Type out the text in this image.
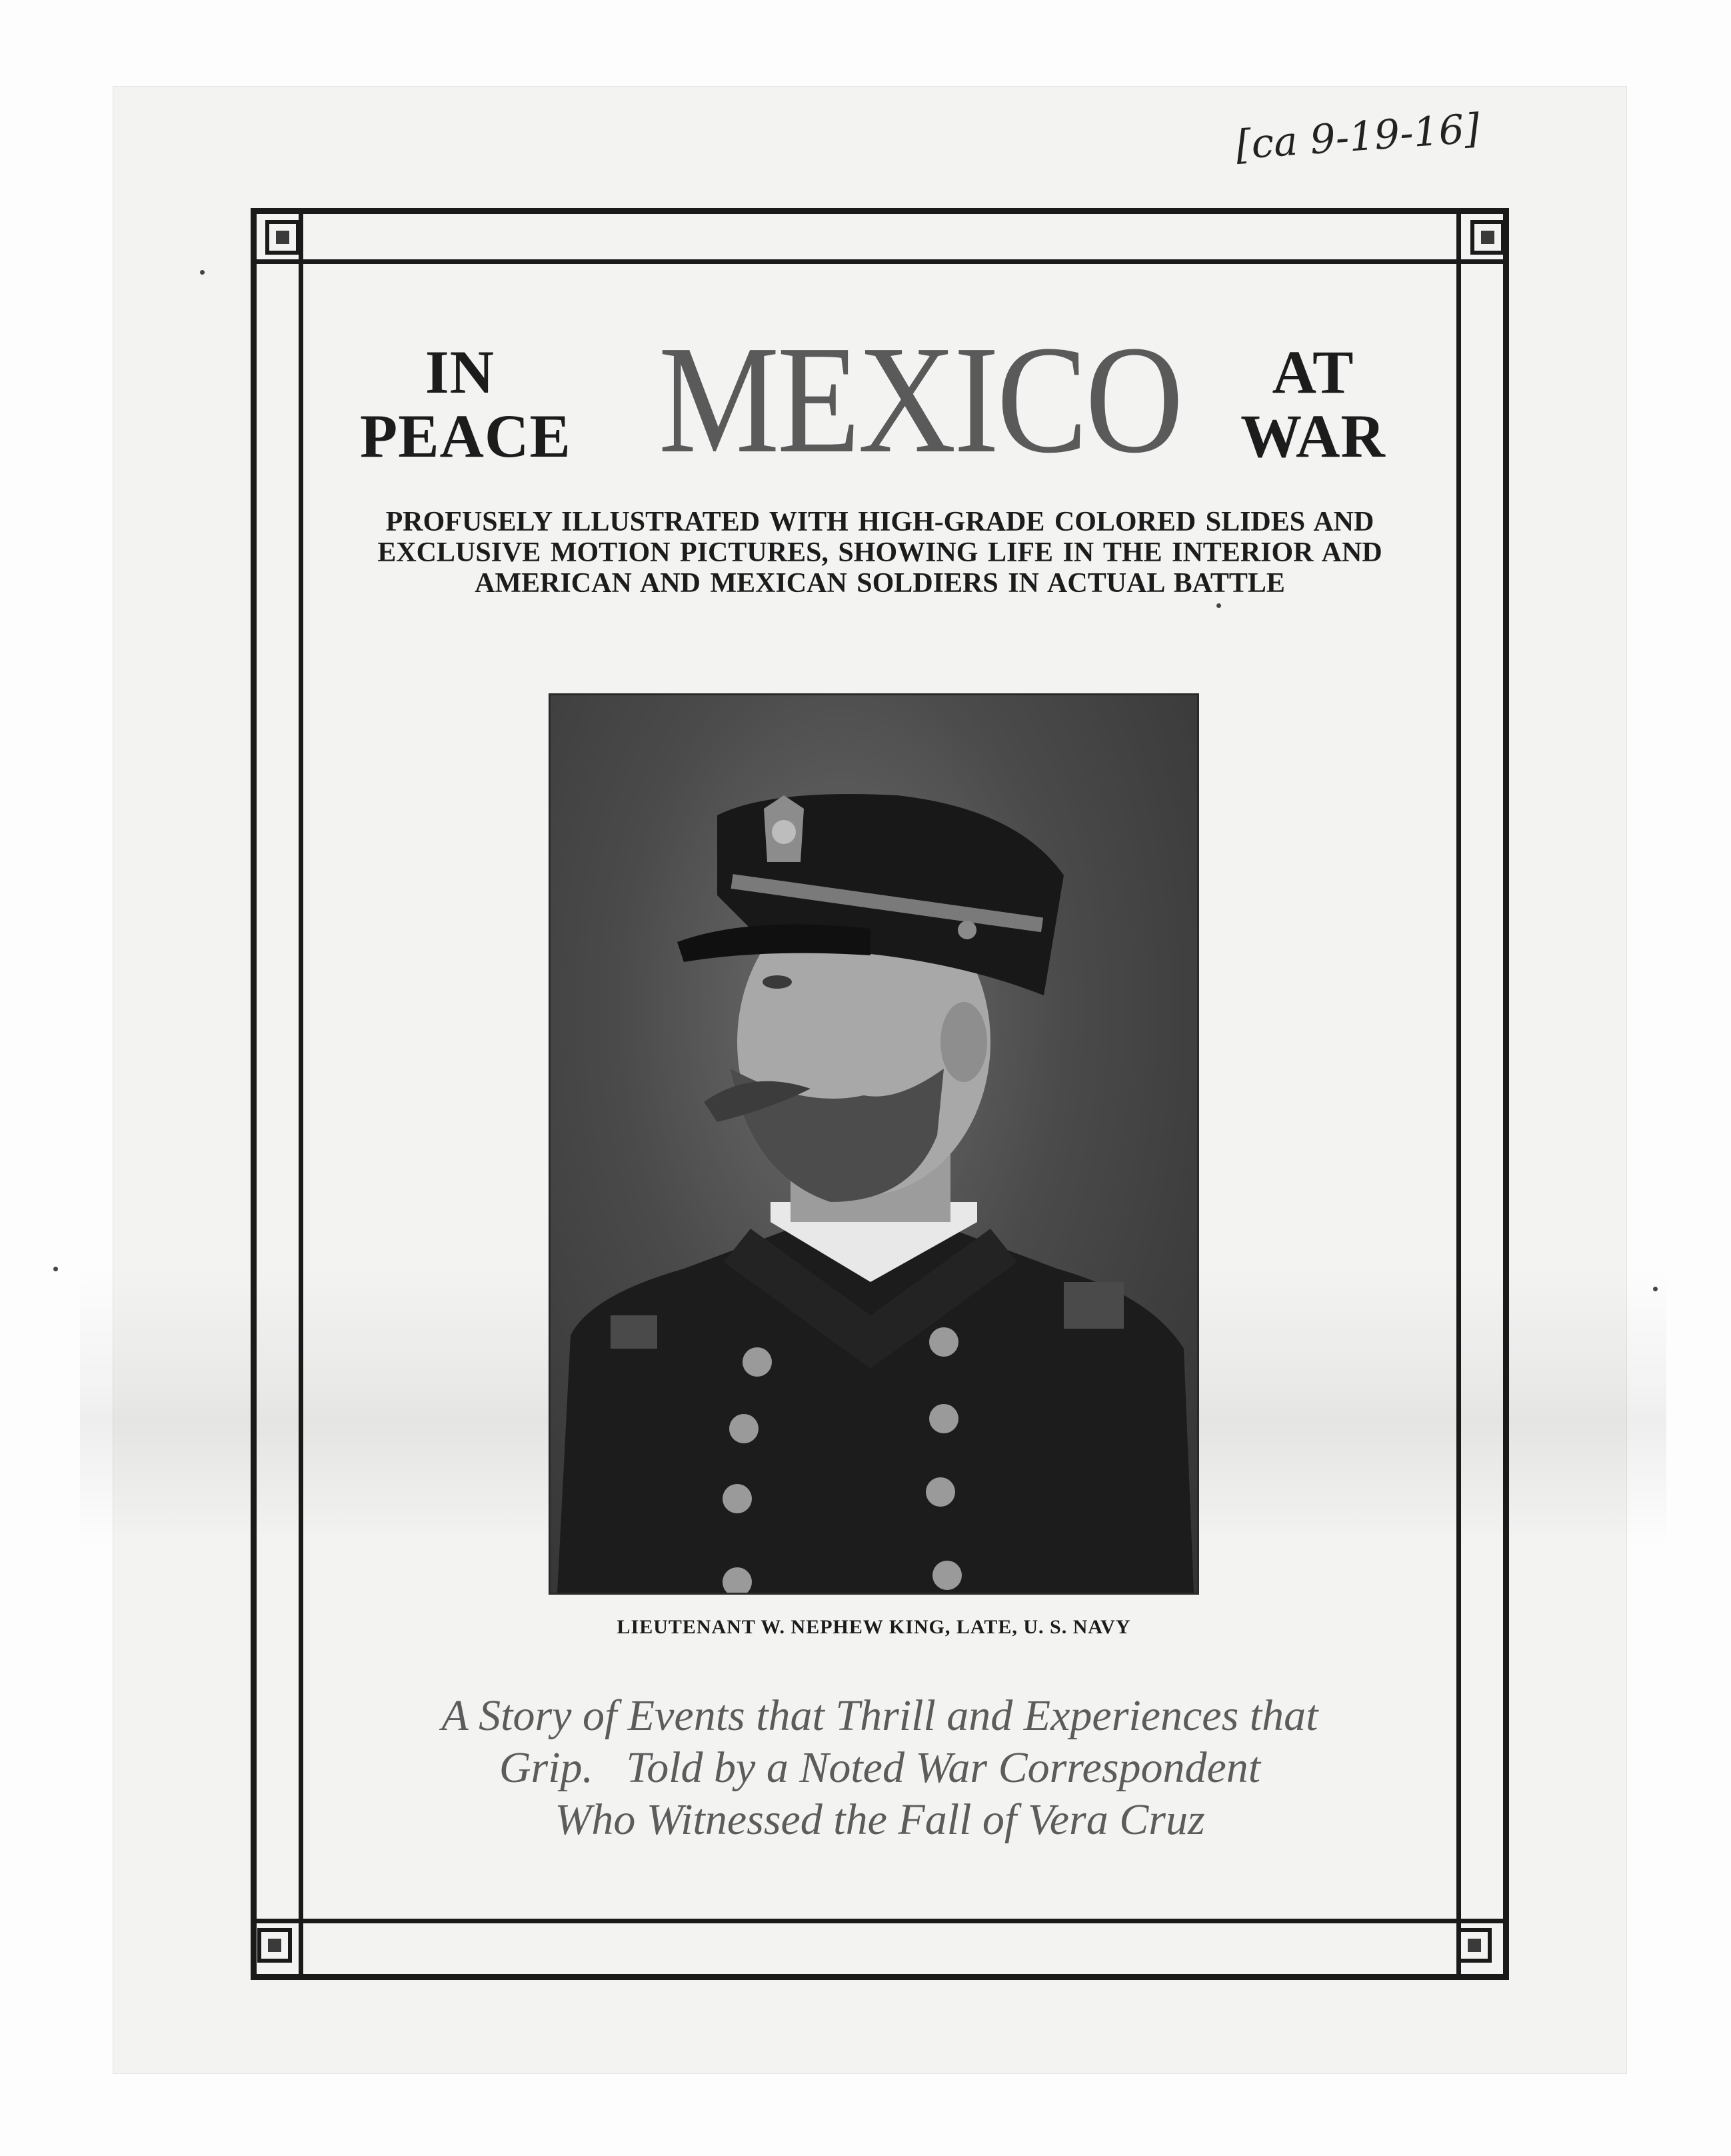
[ca 9-19-16]
IN
PEACE MEXICO	AT
WAR
PROFUSELY ILLUSTRATED WITH HIGH-GRADE COLORED SLIDES AND
EXCLUSIVE MOTION PICTURES, SHOWING LIFE IN THE INTERIOR AND
AMERICAN AND MEXICAN SOLDIERS IN ACTUAL BATTLE
LIEUTENANT W. NEPHEW KING, LATE, U. S. NAVY
A Story of Events that Thrill and Experiences that
Grip.   Told by a Noted War Correspondent
Who Witnessed the Fall of Vera Cruz
